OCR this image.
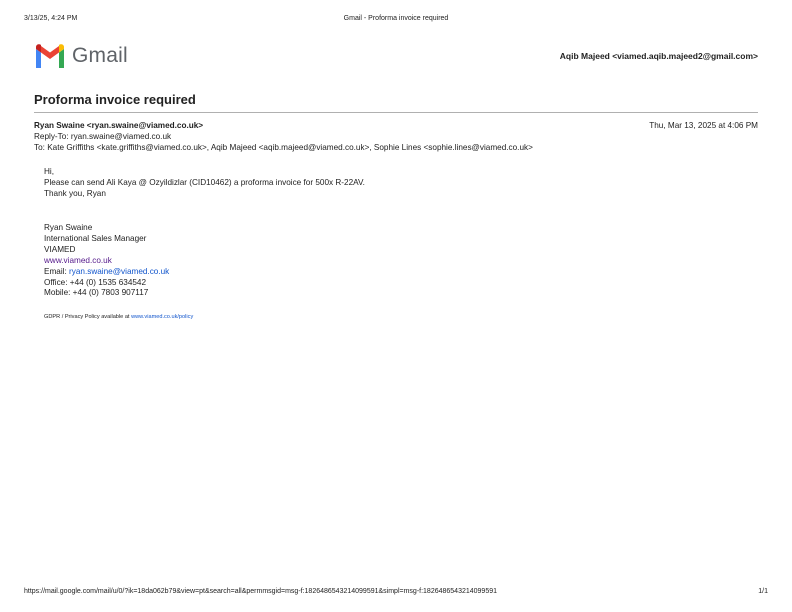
3/13/25, 4:24 PM	Gmail - Proforma invoice required
Gmail	Aqib Majeed <viamed.aqib.majeed2@gmail.com>
Proforma invoice required
Ryan Swaine <ryan.swaine@viamed.co.uk>	Thu, Mar 13, 2025 at 4:06 PM
Reply-To: ryan.swaine@viamed.co.uk
To: Kate Griffiths <kate.griffiths@viamed.co.uk>, Aqib Majeed <aqib.majeed@viamed.co.uk>, Sophie Lines <sophie.lines@viamed.co.uk>
Hi,
Please can send Ali Kaya @ Ozyildizlar (CID10462) a proforma invoice for 500x R-22AV.
Thank you, Ryan
Ryan Swaine
International Sales Manager
VIAMED
www.viamed.co.uk
Email: ryan.swaine@viamed.co.uk
Office: +44 (0) 1535 634542
Mobile: +44 (0) 7803 907117
GDPR / Privacy Policy available at www.viamed.co.uk/policy
https://mail.google.com/mail/u/0/?ik=18da062b79&view=pt&search=all&permmsgid=msg-f:1826486543214099591&simpl=msg-f:1826486543214099591	1/1
